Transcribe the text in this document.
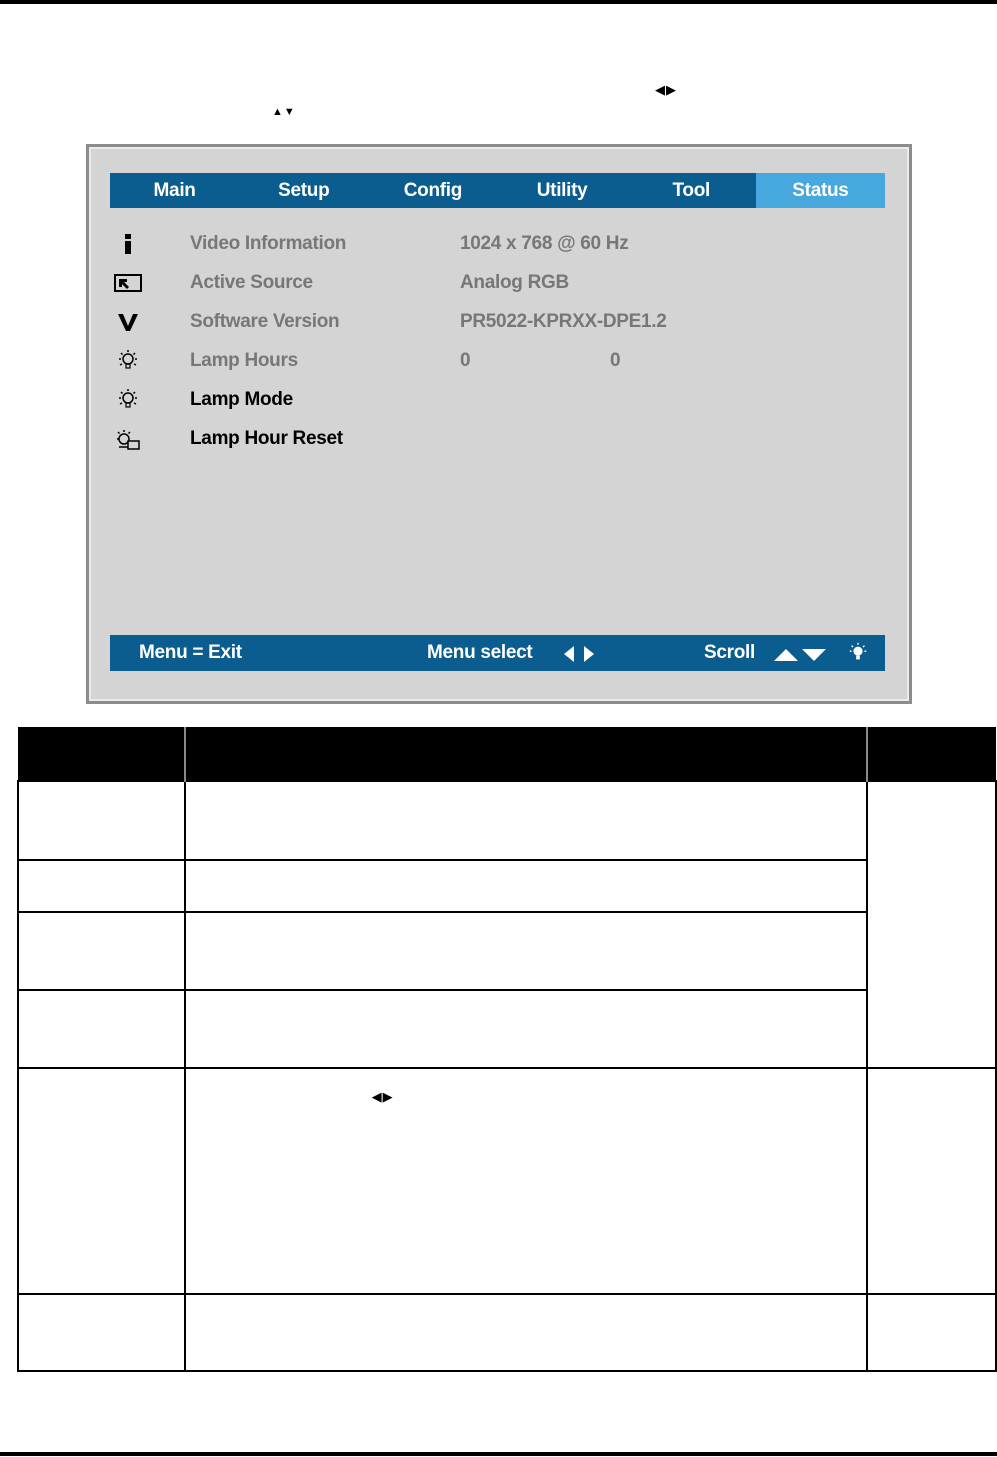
◀▶
▲▼
Main	Setup	Config	Utility	Tool	Status
Video Information	1024 x 768 @ 60 Hz
Active Source	Analog RGB
Software Version	PR5022-KPRXX-DPE1.2
Lamp Hours	0	0
Lamp Mode
Lamp Hour Reset
Menu = Exit	Menu select	Scroll

	◀▶	
